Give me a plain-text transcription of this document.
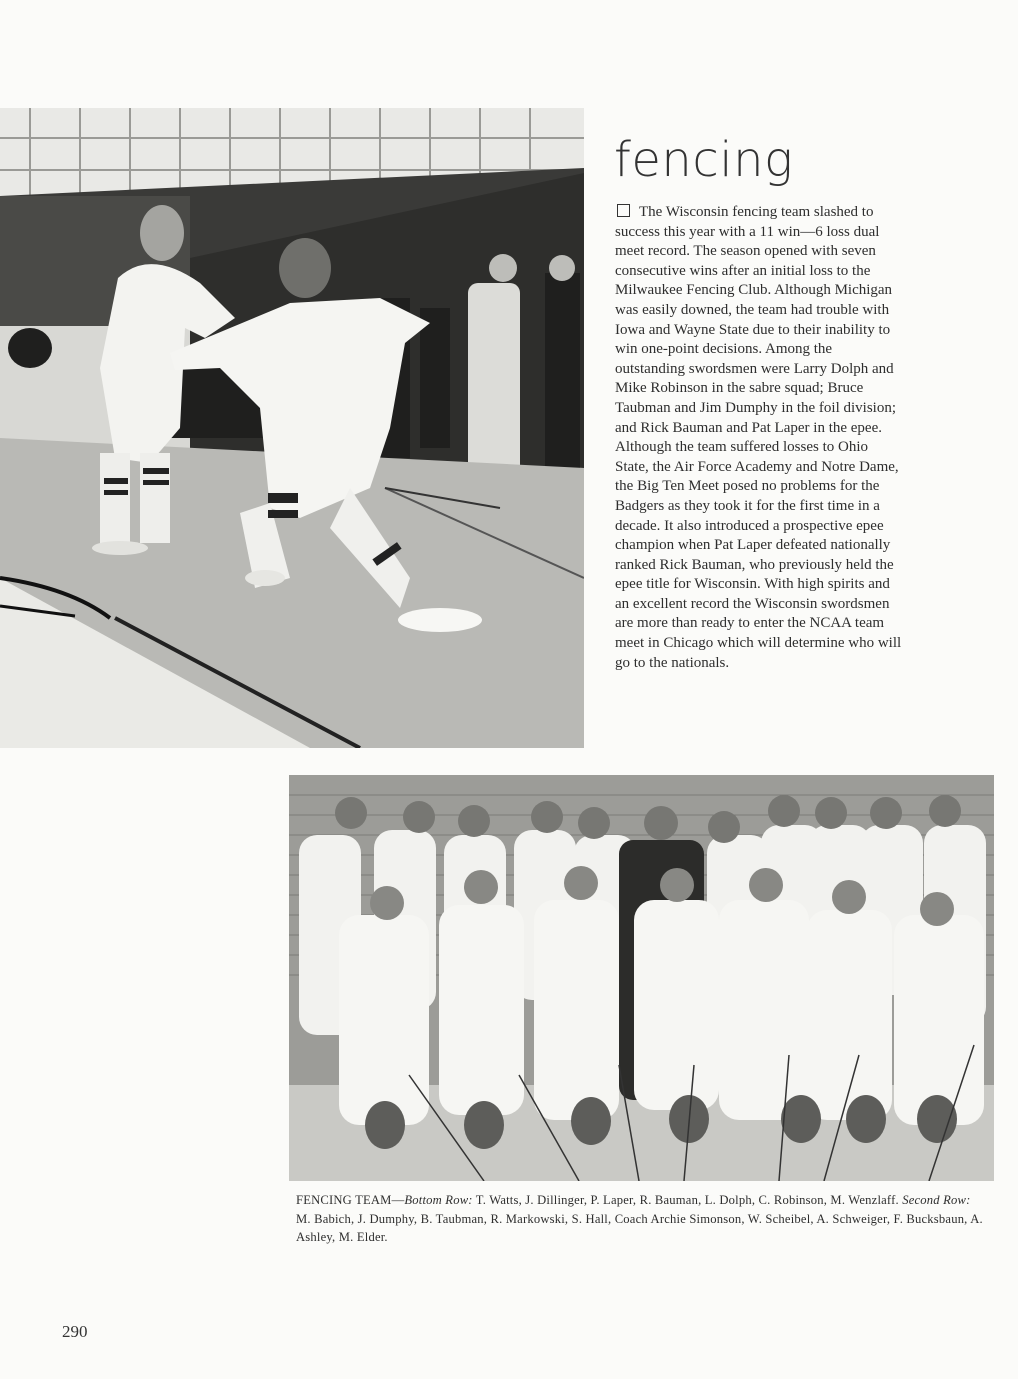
fencing

The Wisconsin fencing team slashed to success this year with a 11 win—6 loss dual meet record. The season opened with seven consecutive wins after an initial loss to the Milwaukee Fencing Club. Although Michigan was easily downed, the team had trouble with Iowa and Wayne State due to their inability to win one-point decisions. Among the outstanding swordsmen were Larry Dolph and Mike Robinson in the sabre squad; Bruce Taubman and Jim Dumphy in the foil division; and Rick Bauman and Pat Laper in the epee. Although the team suffered losses to Ohio State, the Air Force Academy and Notre Dame, the Big Ten Meet posed no problems for the Badgers as they took it for the first time in a decade. It also introduced a prospective epee champion when Pat Laper defeated nationally ranked Rick Bauman, who previously held the epee title for Wisconsin. With high spirits and an excellent record the Wisconsin swordsmen are more than ready to enter the NCAA team meet in Chicago which will determine who will go to the nationals.

FENCING TEAM—Bottom Row: T. Watts, J. Dillinger, P. Laper, R. Bauman, L. Dolph, C. Robinson, M. Wenzlaff. Second Row: M. Babich, J. Dumphy, B. Taubman, R. Markowski, S. Hall, Coach Archie Simonson, W. Scheibel, A. Schweiger, F. Bucksbaun, A. Ashley, M. Elder.

290
